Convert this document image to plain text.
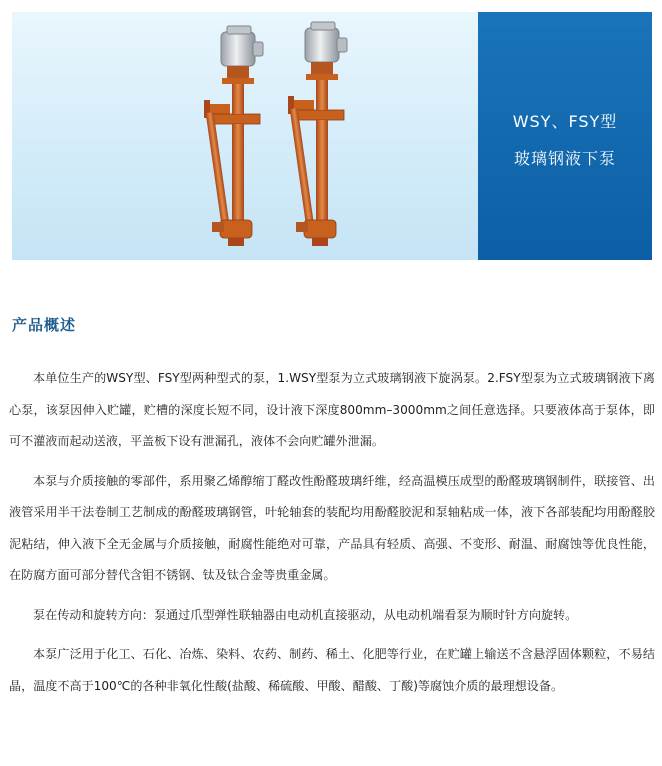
WSY、FSY型
玻璃钢液下泵
产品概述

本单位生产的WSY型、FSY型两种型式的泵，1.WSY型泵为立式玻璃钢液下旋涡泵。2.FSY型泵为立式玻璃钢液下离心泵，该泵因伸入贮罐，贮槽的深度长短不同，设计液下深度800mm–3000mm之间任意选择。只要液体高于泵体，即可不灌液而起动送液，平盖板下设有泄漏孔，液体不会向贮罐外泄漏。

本泵与介质接触的零部件，系用聚乙烯醇缩丁醛改性酚醛玻璃纤维，经高温模压成型的酚醛玻璃钢制件，联接管、出液管采用半干法卷制工艺制成的酚醛玻璃钢管，叶轮轴套的装配均用酚醛胶泥和泵轴粘成一体，液下各部装配均用酚醛胶泥粘结，伸入液下全无金属与介质接触，耐腐性能绝对可靠，产品具有轻质、高强、不变形、耐温、耐腐蚀等优良性能，在防腐方面可部分替代含钼不锈钢、钛及钛合金等贵重金属。

泵在传动和旋转方向：泵通过爪型弹性联轴器由电动机直接驱动，从电动机端看泵为顺时针方向旋转。

本泵广泛用于化工、石化、冶炼、染料、农药、制药、稀土、化肥等行业，在贮罐上输送不含悬浮固体颗粒，不易结晶，温度不高于100℃的各种非氧化性酸(盐酸、稀硫酸、甲酸、醋酸、丁酸)等腐蚀介质的最理想设备。
